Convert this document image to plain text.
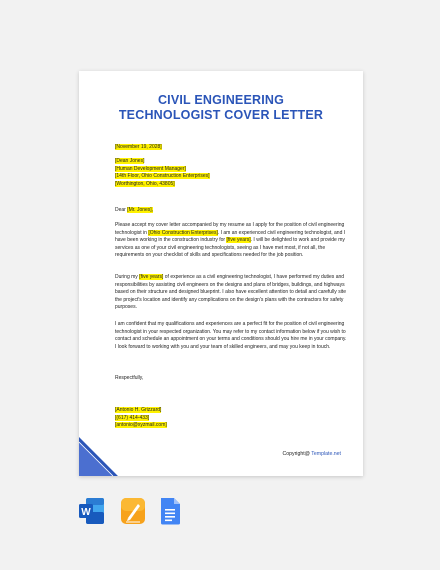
CIVIL ENGINEERING
TECHNOLOGIST COVER LETTER
[November 19, 2028]
[Dean Jones]
[Human Development Manager]
[14th Floor, Ohio Construction Enterprises]
[Worthington, Ohio, 43805]
Dear [Mr. Jones],
Please accept my cover letter accompanied by my resume as I apply for the position of civil engineering technologist in [Ohio Construction Enterprises]. I am an experienced civil engineering technologist, and I have been working in the construction industry for [five years]. I will be delighted to work and provide my services as one of your civil engineering technologists, seeing as I have met most, if not all, the requirements on your checklist of skills and specifications needed for the job position.
During my [five years] of experience as a civil engineering technologist, I have performed my duties and responsibilities by assisting civil engineers on the designs and plans of bridges, buildings, and highways based on their structure and designed blueprint. I also have excellent attention to detail and carefully site the project's location and identify any complications on the design's plans with the contractors for safety purposes.
I am confident that my qualifications and experiences are a perfect fit for the position of civil engineering technologist in your respected organization. You may refer to my contact information below if you wish to contact and schedule an appointment on your terms and conditions should you hire me in your company. I look forward to working with you and your team of skilled engineers, and may you keep in touch.
Respectfully,
[Antonio H. Grizzard]
[(617) 414-433]
[antonio@xyzmail.com]
Copyright@ Template.net
W
